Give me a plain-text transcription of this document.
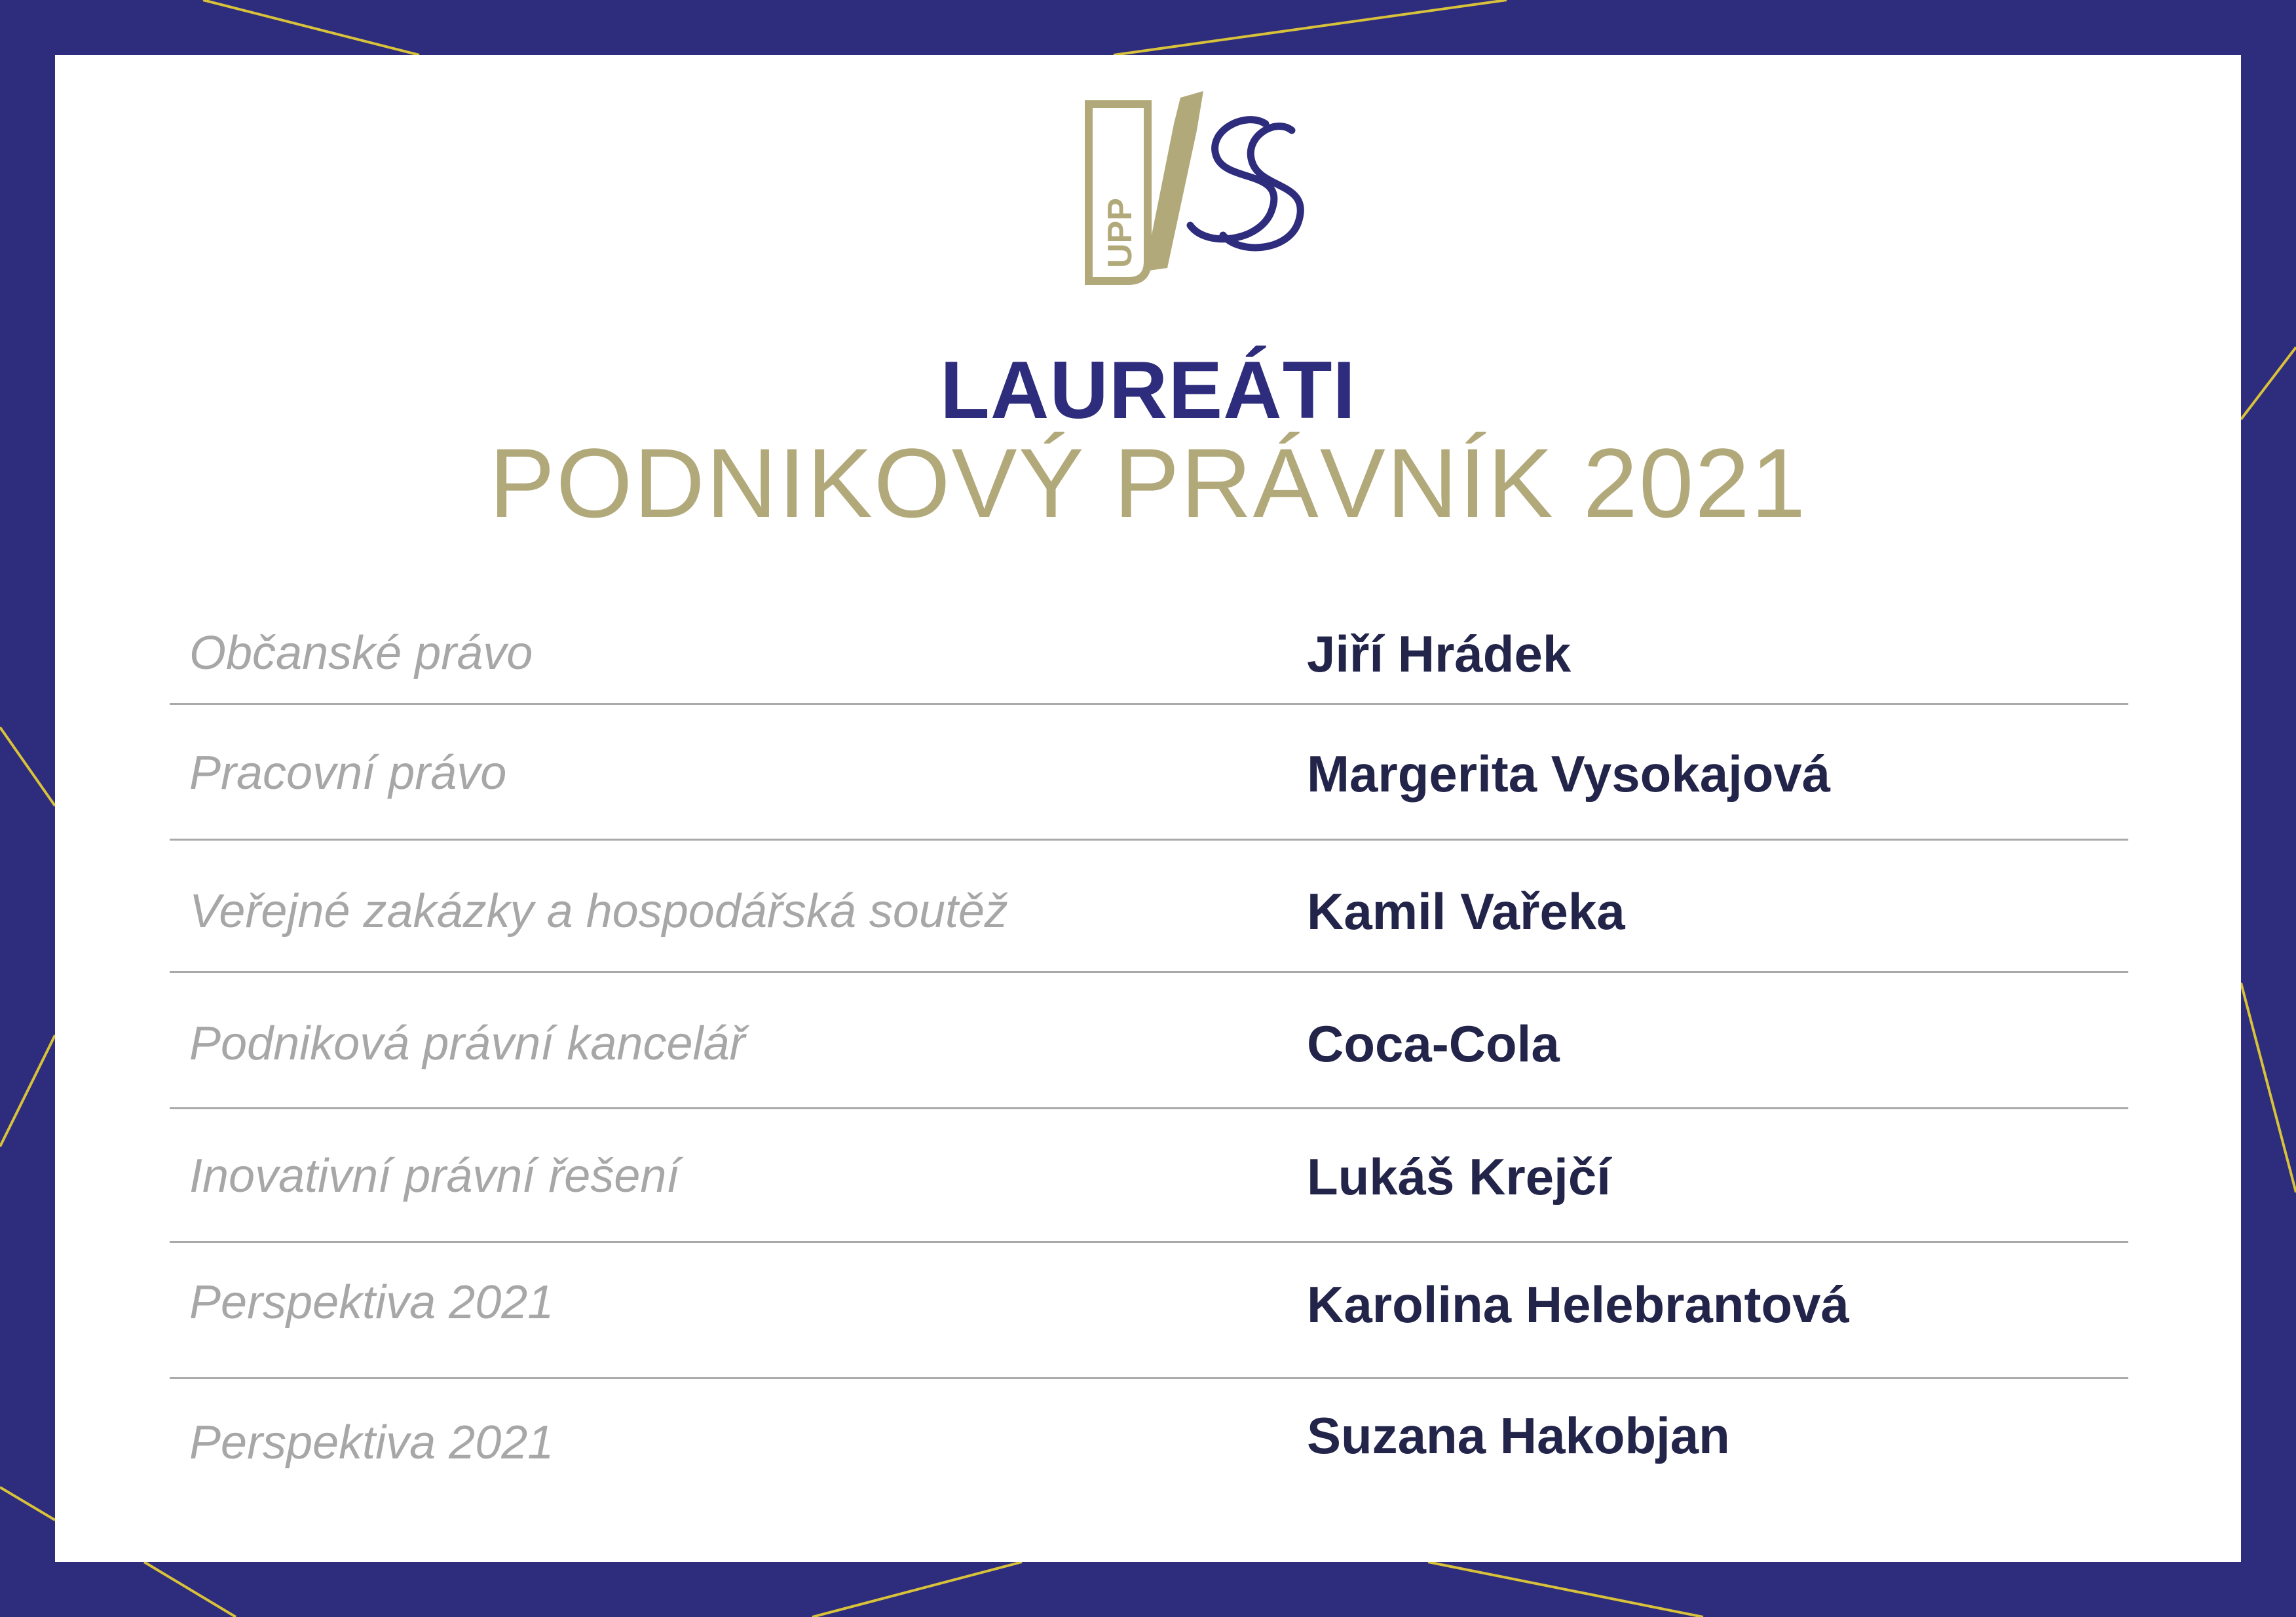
UPP
LAUREÁTI
PODNIKOVÝ PRÁVNÍK 2021
Občanské právo	Jiří Hrádek
Pracovní právo	Margerita Vysokajová
Veřejné zakázky a hospodářská soutěž	Kamil Vařeka
Podniková právní kancelář	Coca-Cola
Inovativní právní řešení	Lukáš Krejčí
Perspektiva 2021	Karolina Helebrantová
Perspektiva 2021	Suzana Hakobjan
